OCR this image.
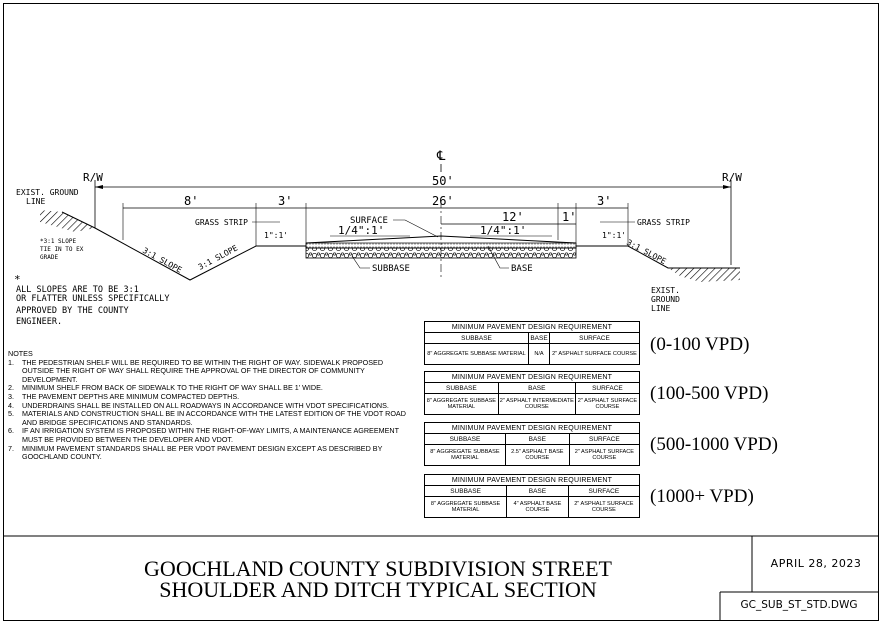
℄
R/W	R/W
50'
8'	3'	26'	3'
12'	1'
1/4":1'	1/4":1'
1":1'	1":1'
3:1 SLOPE 3:1 SLOPE	3:1 SLOPE
GRASS STRIP	GRASS STRIP
SURFACE
SUBBASE	BASE
EXIST. GROUND
LINE
EXIST.
GROUND
LINE
*3:1 SLOPE
TIE IN TO EX
GRADE
*
ALL SLOPES ARE TO BE 3:1
OR FLATTER UNLESS SPECIFICALLY
APPROVED BY THE COUNTY
ENGINEER.
NOTES
1.	THE PEDESTRIAN SHELF WILL BE REQUIRED TO BE WITHIN THE RIGHT OF WAY. SIDEWALK PROPOSED OUTSIDE THE RIGHT OF WAY SHALL REQUIRE THE APPROVAL OF THE DIRECTOR OF COMMUNITY DEVELOPMENT.
2.	MINIMUM SHELF FROM BACK OF SIDEWALK TO THE RIGHT OF WAY SHALL BE 1' WIDE.
3.	THE PAVEMENT DEPTHS ARE MINIMUM COMPACTED DEPTHS.
4.	UNDERDRAINS SHALL BE INSTALLED ON ALL ROADWAYS IN ACCORDANCE WITH VDOT SPECIFICATIONS.
5.	MATERIALS AND CONSTRUCTION SHALL BE IN ACCORDANCE WITH THE LATEST EDITION OF THE VDOT ROAD AND BRIDGE SPECIFICATIONS AND STANDARDS.
6.	IF AN IRRIGATION SYSTEM IS PROPOSED WITHIN THE RIGHT-OF-WAY LIMITS, A MAINTENANCE AGREEMENT MUST BE PROVIDED BETWEEN THE DEVELOPER AND VDOT.
7.	MINIMUM PAVEMENT STANDARDS SHALL BE PER VDOT PAVEMENT DESIGN EXCEPT AS DESCRIBED BY GOOCHLAND COUNTY.
MINIMUM PAVEMENT DESIGN REQUIREMENT		
SUBBASE	BASE	SURFACE
8" AGGREGATE SUBBASE MATERIAL	N/A	2" ASPHALT SURFACE COURSE (0-100 VPD)
MINIMUM PAVEMENT DESIGN REQUIREMENT		
SUBBASE	BASE	SURFACE
8" AGGREGATE SUBBASE MATERIAL	2" ASPHALT INTERMEDIATE COURSE	2" ASPHALT SURFACE COURSE
(100-500 VPD)
MINIMUM PAVEMENT DESIGN REQUIREMENT		
SUBBASE	BASE	SURFACE
8" AGGREGATE SUBBASE MATERIAL	2.5" ASPHALT BASE COURSE	2" ASPHALT SURFACE COURSE
(500-1000 VPD)
MINIMUM PAVEMENT DESIGN REQUIREMENT		
SUBBASE	BASE	SURFACE
8" AGGREGATE SUBBASE MATERIAL	4" ASPHALT BASE COURSE	2" ASPHALT SURFACE COURSE
(1000+ VPD)
GOOCHLAND COUNTY SUBDIVISION STREET
SHOULDER AND DITCH TYPICAL SECTION
APRIL 28, 2023
GC_SUB_ST_STD.DWG
